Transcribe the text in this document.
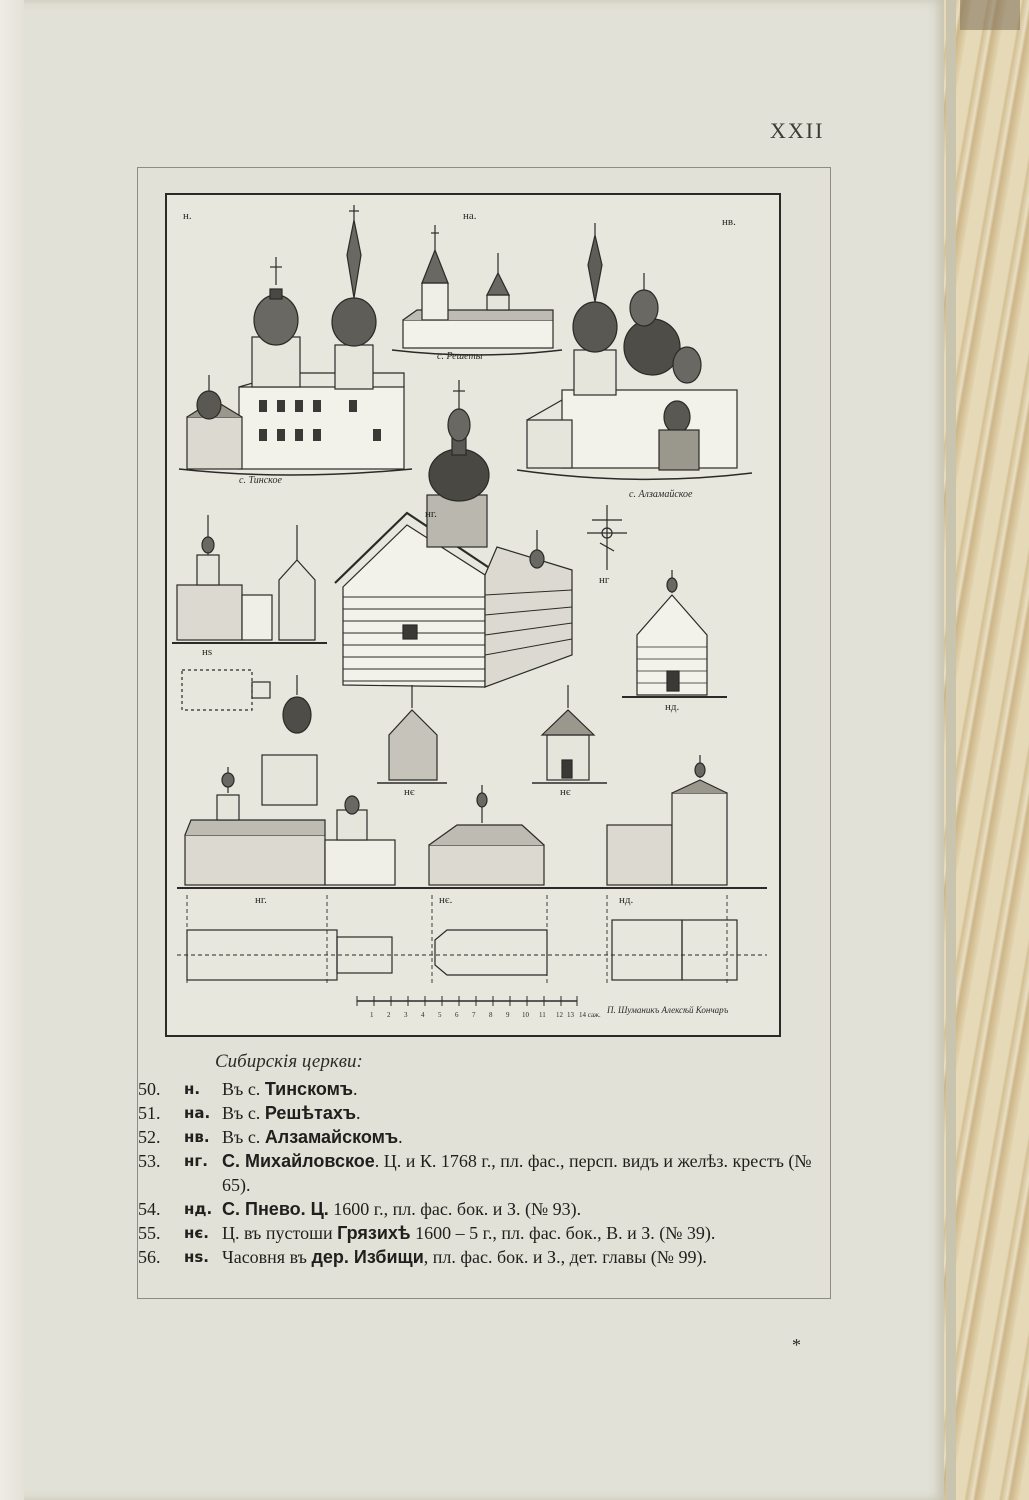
XXII
н.	на.	нв.
нг.
нг
нд.
нѕ
нє	нє
нг.	нє.	нд.
с. Тинское
с. Решеты
с. Алзамайское
П. Шуманикъ Алексѣй Кончаръ
1 2 3 4 5 6 7 8 9 10 11 12 13 14 саж.
Сибирскія церкви:
50.	н.	Въ с. Тинскомъ.
51.	на. Въ с. Решѣтахъ.
52.	нв. Въ с. Алзамайскомъ.
53.	нг. С. Михайловское. Ц. и К. 1768 г., пл. фас., персп. видъ и желѣз. крестъ (№ 65).
54.	нд. С. Пнево. Ц. 1600 г., пл. фас. бок. и З. (№ 93).
55.	нє. Ц. въ пустоши Грязихѣ 1600 – 5 г., пл. фас. бок., В. и З. (№ 39).
56.	нѕ. Часовня въ дер. Избищи, пл. фас. бок. и З., дет. главы (№ 99).
*
